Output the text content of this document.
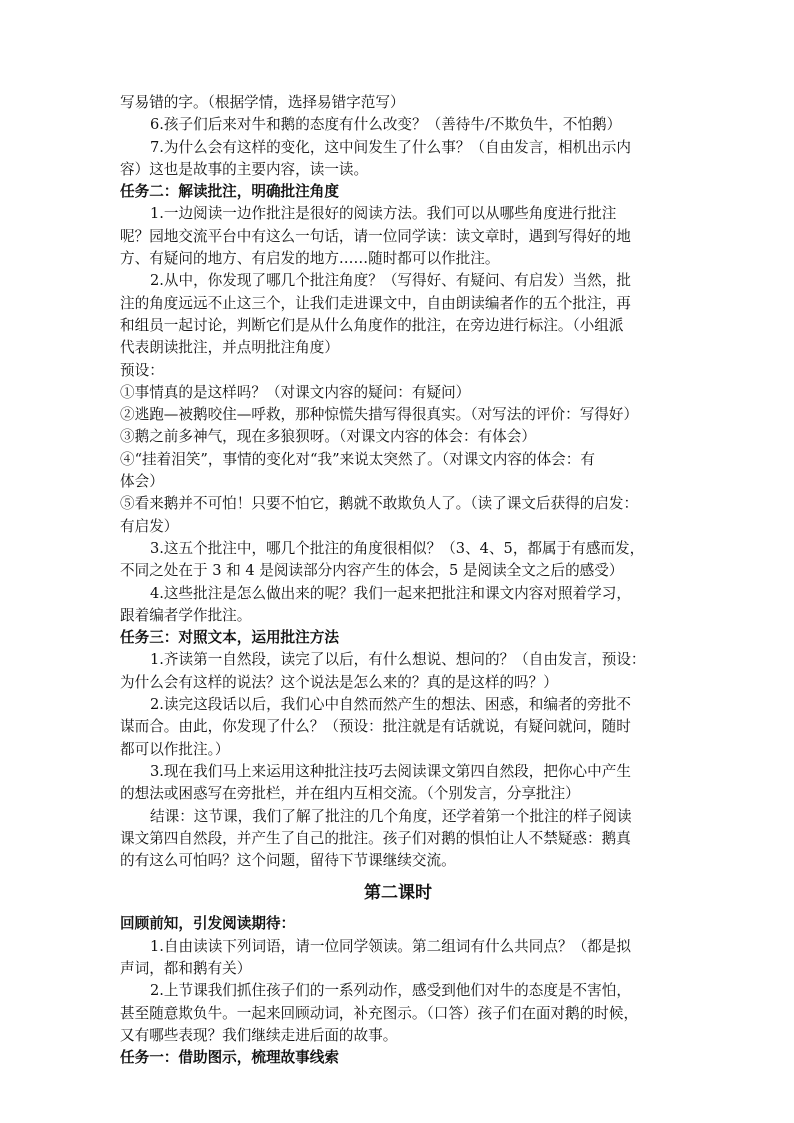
写易错的字。（根据学情，选择易错字范写）

6.孩子们后来对牛和鹅的态度有什么改变？（善待牛/不欺负牛，不怕鹅）

7.为什么会有这样的变化，这中间发生了什么事？（自由发言，相机出示内

容）这也是故事的主要内容，读一读。

任务二：解读批注，明确批注角度

1.一边阅读一边作批注是很好的阅读方法。我们可以从哪些角度进行批注

呢？园地交流平台中有这么一句话，请一位同学读：读文章时，遇到写得好的地

方、有疑问的地方、有启发的地方……随时都可以作批注。

2.从中，你发现了哪几个批注角度？（写得好、有疑问、有启发）当然，批

注的角度远远不止这三个，让我们走进课文中，自由朗读编者作的五个批注，再

和组员一起讨论，判断它们是从什么角度作的批注，在旁边进行标注。（小组派

代表朗读批注，并点明批注角度）

预设：

①事情真的是这样吗？（对课文内容的疑问：有疑问）

②逃跑—被鹅咬住—呼救，那种惊慌失措写得很真实。（对写法的评价：写得好）

③鹅之前多神气，现在多狼狈呀。（对课文内容的体会：有体会）

④“挂着泪笑”，事情的变化对“我”来说太突然了。（对课文内容的体会：有

体会）

⑤看来鹅并不可怕！只要不怕它，鹅就不敢欺负人了。（读了课文后获得的启发：

有启发）

3.这五个批注中，哪几个批注的角度很相似？（3、4、5，都属于有感而发，

不同之处在于 3 和 4 是阅读部分内容产生的体会，5 是阅读全文之后的感受）

4.这些批注是怎么做出来的呢？我们一起来把批注和课文内容对照着学习，

跟着编者学作批注。

任务三：对照文本，运用批注方法

1.齐读第一自然段，读完了以后，有什么想说、想问的？（自由发言，预设：

为什么会有这样的说法？这个说法是怎么来的？真的是这样的吗？）

2.读完这段话以后，我们心中自然而然产生的想法、困惑，和编者的旁批不

谋而合。由此，你发现了什么？（预设：批注就是有话就说，有疑问就问，随时

都可以作批注。）

3.现在我们马上来运用这种批注技巧去阅读课文第四自然段，把你心中产生

的想法或困惑写在旁批栏，并在组内互相交流。（个别发言，分享批注）

结课：这节课，我们了解了批注的几个角度，还学着第一个批注的样子阅读

课文第四自然段，并产生了自己的批注。孩子们对鹅的惧怕让人不禁疑惑：鹅真

的有这么可怕吗？这个问题，留待下节课继续交流。

第二课时

回顾前知，引发阅读期待：

1.自由读读下列词语，请一位同学领读。第二组词有什么共同点？（都是拟

声词，都和鹅有关）

2.上节课我们抓住孩子们的一系列动作，感受到他们对牛的态度是不害怕，

甚至随意欺负牛。一起来回顾动词，补充图示。（口答）孩子们在面对鹅的时候，

又有哪些表现？我们继续走进后面的故事。

任务一：借助图示，梳理故事线索
